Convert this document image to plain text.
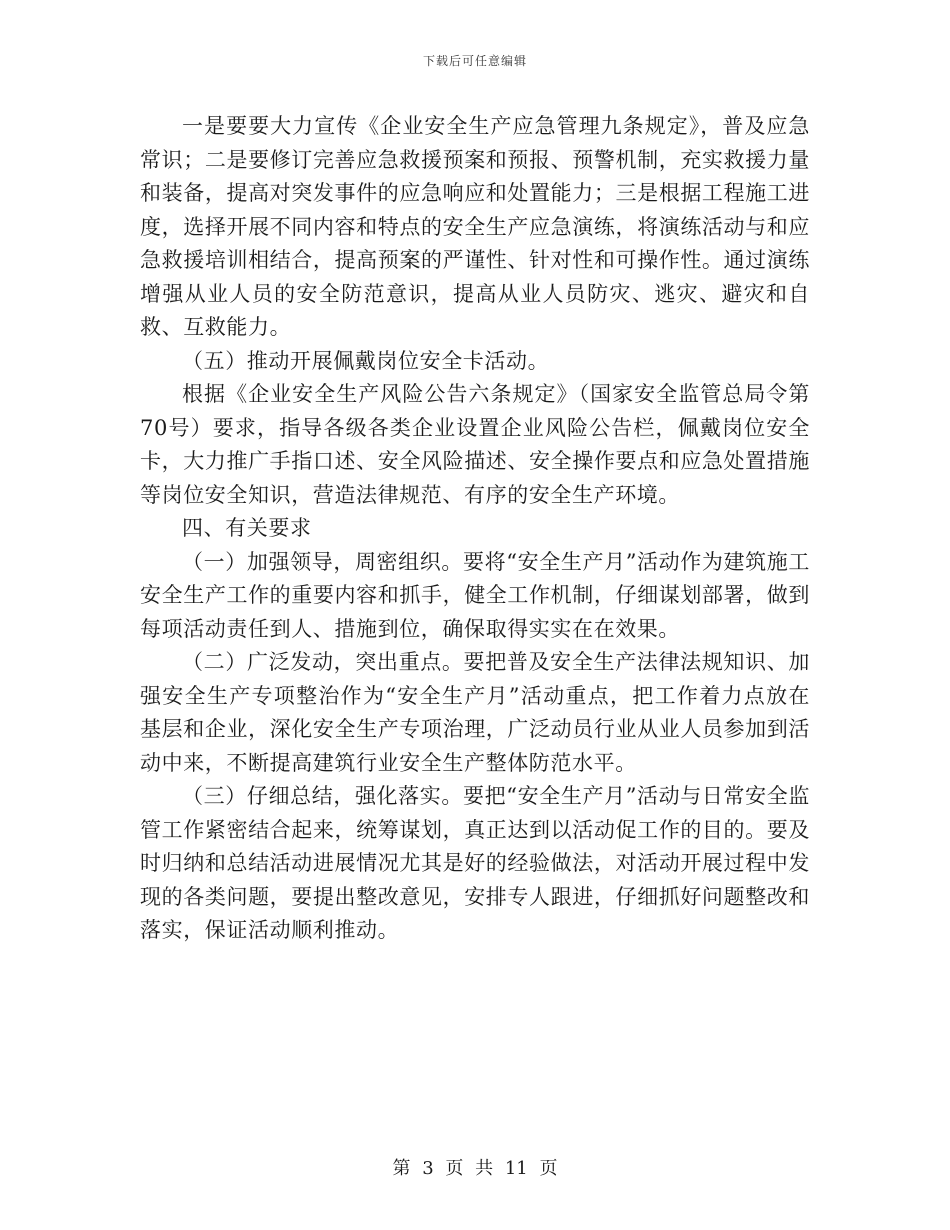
下载后可任意编辑

一是要要大力宣传《企业安全生产应急管理九条规定》，普及应急常识；二是要修订完善应急救援预案和预报、预警机制，充实救援力量和装备，提高对突发事件的应急响应和处置能力；三是根据工程施工进度，选择开展不同内容和特点的安全生产应急演练，将演练活动与和应急救援培训相结合，提高预案的严谨性、针对性和可操作性。通过演练增强从业人员的安全防范意识，提高从业人员防灾、逃灾、避灾和自救、互救能力。

（五）推动开展佩戴岗位安全卡活动。

根据《企业安全生产风险公告六条规定》（国家安全监管总局令第70号）要求，指导各级各类企业设置企业风险公告栏，佩戴岗位安全卡，大力推广手指口述、安全风险描述、安全操作要点和应急处置措施等岗位安全知识，营造法律规范、有序的安全生产环境。

四、有关要求

（一）加强领导，周密组织。要将“安全生产月”活动作为建筑施工安全生产工作的重要内容和抓手，健全工作机制，仔细谋划部署，做到每项活动责任到人、措施到位，确保取得实实在在效果。

（二）广泛发动，突出重点。要把普及安全生产法律法规知识、加强安全生产专项整治作为“安全生产月”活动重点，把工作着力点放在基层和企业，深化安全生产专项治理，广泛动员行业从业人员参加到活动中来，不断提高建筑行业安全生产整体防范水平。

（三）仔细总结，强化落实。要把“安全生产月”活动与日常安全监管工作紧密结合起来，统筹谋划，真正达到以活动促工作的目的。要及时归纳和总结活动进展情况尤其是好的经验做法，对活动开展过程中发现的各类问题，要提出整改意见，安排专人跟进，仔细抓好问题整改和落实，保证活动顺利推动。

第 3 页 共 11 页
